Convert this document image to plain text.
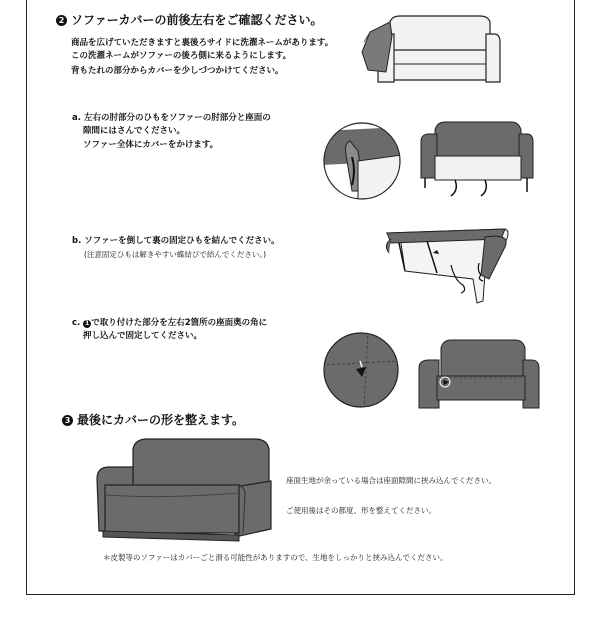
2 ソファーカバーの前後左右をご確認ください。
商品を広げていただきますと裏後ろサイドに洗濯ネームがあります。
この洗濯ネームがソファーの後ろ側に来るようにします。
背もたれの部分からカバーを少しづつかけてください。
a. 左右の肘部分のひもをソファーの肘部分と座面の
隙間にはさんでください。
ソファー全体にカバーをかけます。
b. ソファーを倒して裏の固定ひもを結んでください。
(注意固定ひもは解きやすい蝶結びで結んでください。)
c. 1 で取り付けた部分を左右2箇所の座面奥の角に
押し込んで固定してください。
3 最後にカバーの形を整えます。
座面生地が余っている場合は座面隙間に挟み込んでください。
ご使用後はその都度、形を整えてください。
＊皮製等のソファーはカバーごと滑る可能性がありますので、生地をしっかりと挟み込んでください。
